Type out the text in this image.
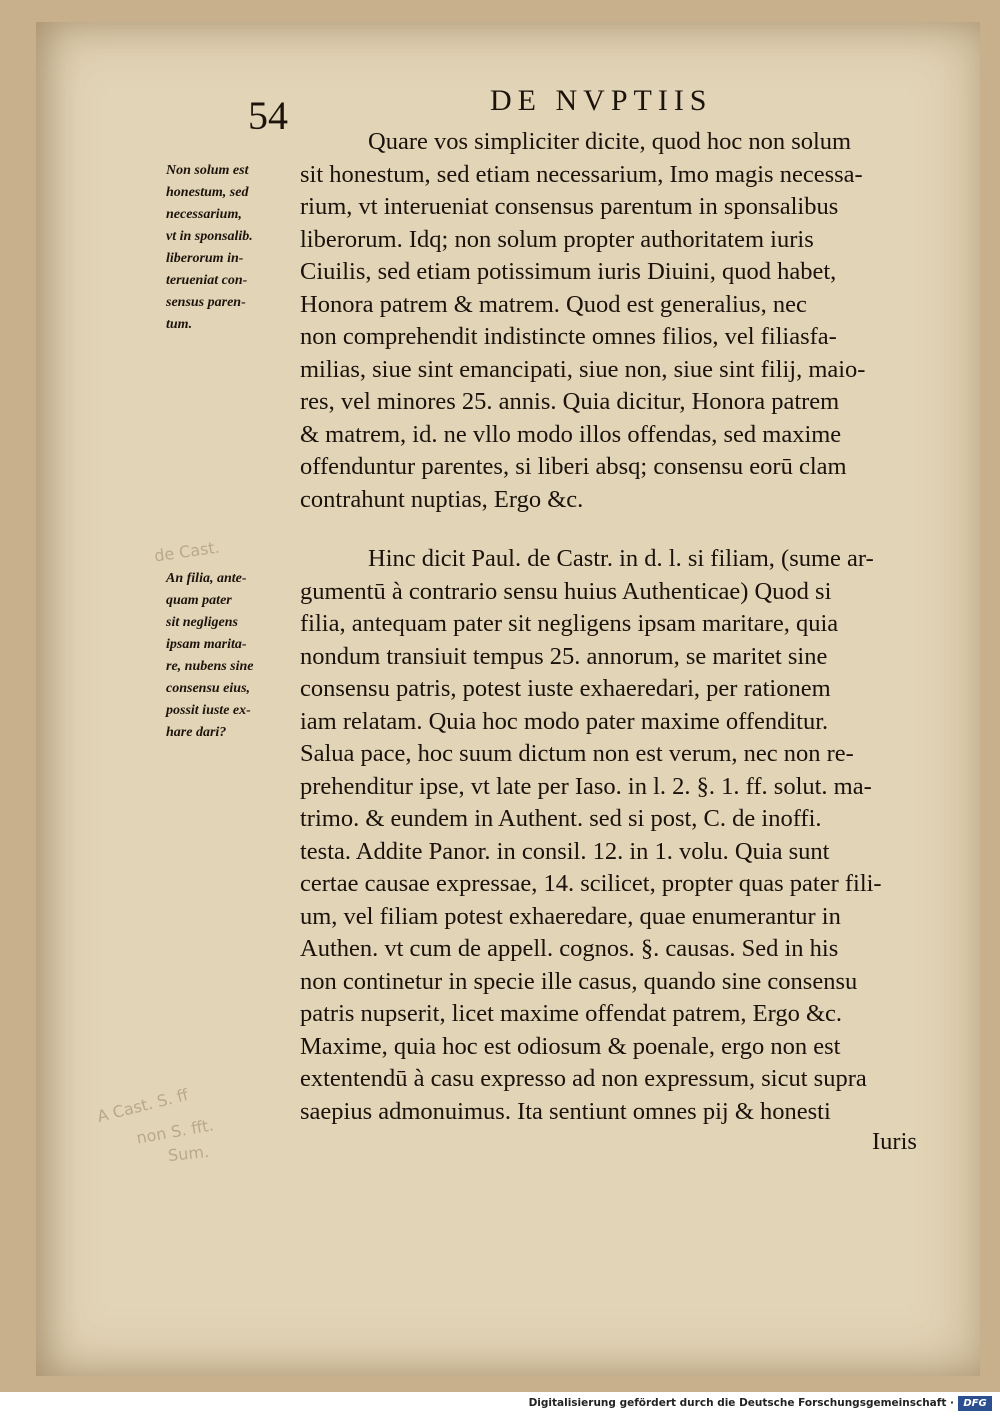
54	DE NVPTIIS
Non solum est
honestum, sed
necessarium,
vt in sponsalib.
liberorum in-
terueniat con-
sensus paren-
tum.
An filia, ante-
quam pater
sit negligens
ipsam marita-
re, nubens sine
consensu eius,
possit iuste ex-
hare dari?
de Cast.
A Cast. S. ff
non S. fft.
Sum.
Quare vos simpliciter dicite, quod hoc non solum
sit honestum, sed etiam necessarium, Imo magis necessa-
rium, vt interueniat consensus parentum in sponsalibus
liberorum. Idq; non solum propter authoritatem iuris
Ciuilis, sed etiam potissimum iuris Diuini, quod habet,
Honora patrem & matrem. Quod est generalius, nec
non comprehendit indistincte omnes filios, vel filiasfa-
milias, siue sint emancipati, siue non, siue sint filij, maio-
res, vel minores 25. annis. Quia dicitur, Honora patrem
& matrem, id. ne vllo modo illos offendas, sed maxime
offenduntur parentes, si liberi absq; consensu eorū clam
contrahunt nuptias, Ergo &c.
Hinc dicit Paul. de Castr. in d. l. si filiam, (sume ar-
gumentū à contrario sensu huius Authenticae) Quod si
filia, antequam pater sit negligens ipsam maritare, quia
nondum transiuit tempus 25. annorum, se maritet sine
consensu patris, potest iuste exhaeredari, per rationem
iam relatam. Quia hoc modo pater maxime offenditur.
Salua pace, hoc suum dictum non est verum, nec non re-
prehenditur ipse, vt late per Iaso. in l. 2. §. 1. ff. solut. ma-
trimo. & eundem in Authent. sed si post, C. de inoffi.
testa. Addite Panor. in consil. 12. in 1. volu. Quia sunt
certae causae expressae, 14. scilicet, propter quas pater fili-
um, vel filiam potest exhaeredare, quae enumerantur in
Authen. vt cum de appell. cognos. §. causas. Sed in his
non continetur in specie ille casus, quando sine consensu
patris nupserit, licet maxime offendat patrem, Ergo &c.
Maxime, quia hoc est odiosum & poenale, ergo non est
extentendū à casu expresso ad non expressum, sicut supra
saepius admonuimus. Ita sentiunt omnes pij & honesti
Iuris
Digitalisierung gefördert durch die Deutsche Forschungsgemeinschaft · DFG
